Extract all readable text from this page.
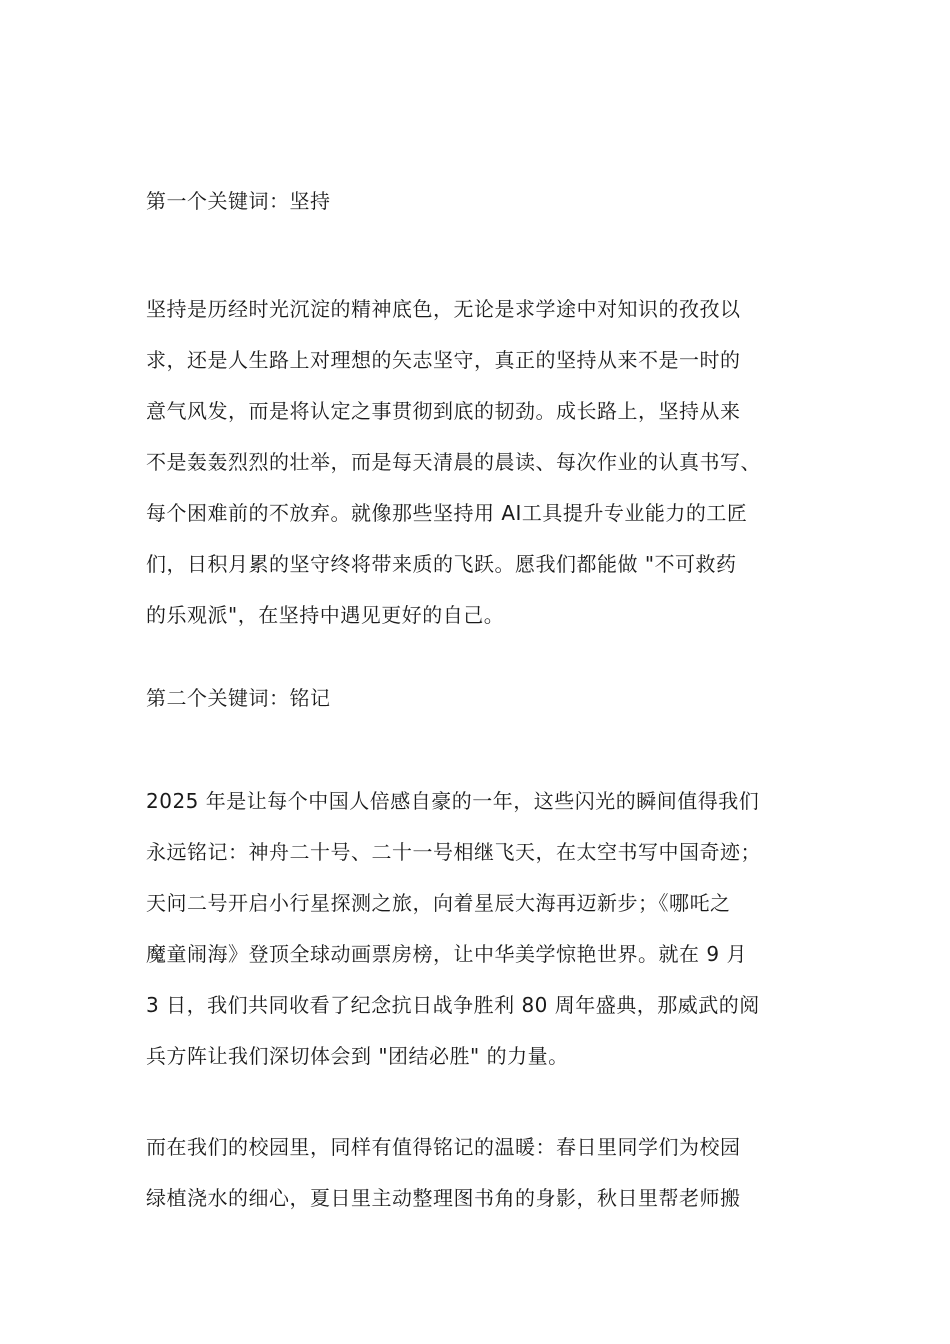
第一个关键词：坚持

坚持是历经时光沉淀的精神底色，无论是求学途中对知识的孜孜以
求，还是人生路上对理想的矢志坚守，真正的坚持从来不是一时的
意气风发，而是将认定之事贯彻到底的韧劲。成长路上，坚持从来
不是轰轰烈烈的壮举，而是每天清晨的晨读、每次作业的认真书写、
每个困难前的不放弃。就像那些坚持用 AI工具提升专业能力的工匠
们，日积月累的坚守终将带来质的飞跃。愿我们都能做 "不可救药
的乐观派"，在坚持中遇见更好的自己。

第二个关键词：铭记

2025 年是让每个中国人倍感自豪的一年，这些闪光的瞬间值得我们
永远铭记：神舟二十号、二十一号相继飞天，在太空书写中国奇迹；
天问二号开启小行星探测之旅，向着星辰大海再迈新步；《哪吒之
魔童闹海》登顶全球动画票房榜，让中华美学惊艳世界。就在 9 月
3 日，我们共同收看了纪念抗日战争胜利 80 周年盛典，那威武的阅
兵方阵让我们深切体会到 "团结必胜" 的力量。

而在我们的校园里，同样有值得铭记的温暖：春日里同学们为校园
绿植浇水的细心，夏日里主动整理图书角的身影，秋日里帮老师搬
